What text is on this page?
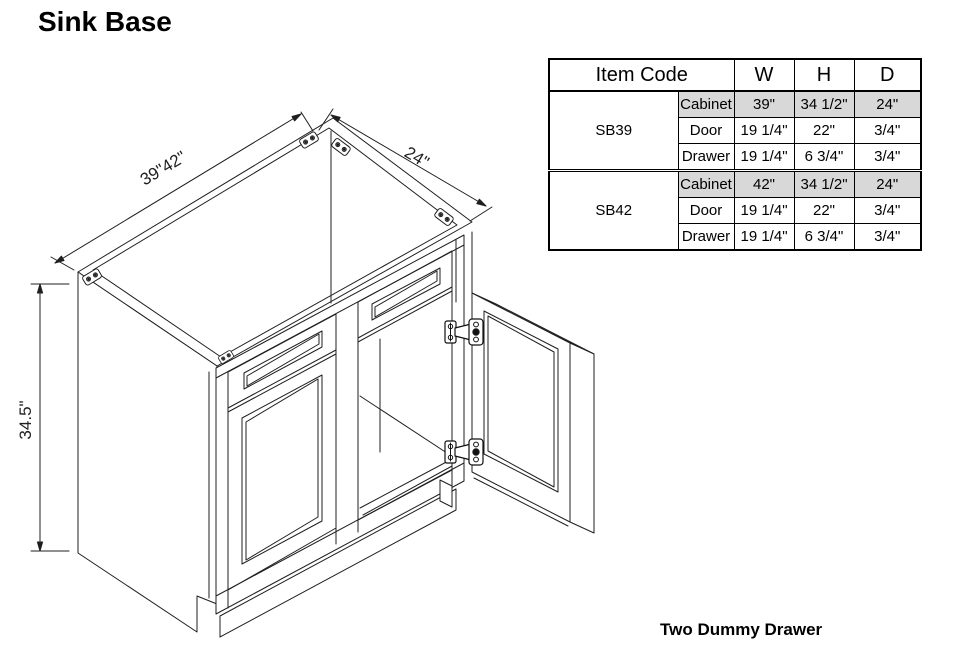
Sink Base
39"42"	24"
34.5"
Item Code		W	H	D
SB39	Cabinet	39"	34 1/2"	24"
	Door	19 1/4"	22"	3/4"
	Drawer	19 1/4"	6 3/4"	3/4"
SB42	Cabinet	42"	34 1/2"	24"
	Door	19 1/4"	22"	3/4"
	Drawer	19 1/4"	6 3/4"	3/4"
Two Dummy Drawer
